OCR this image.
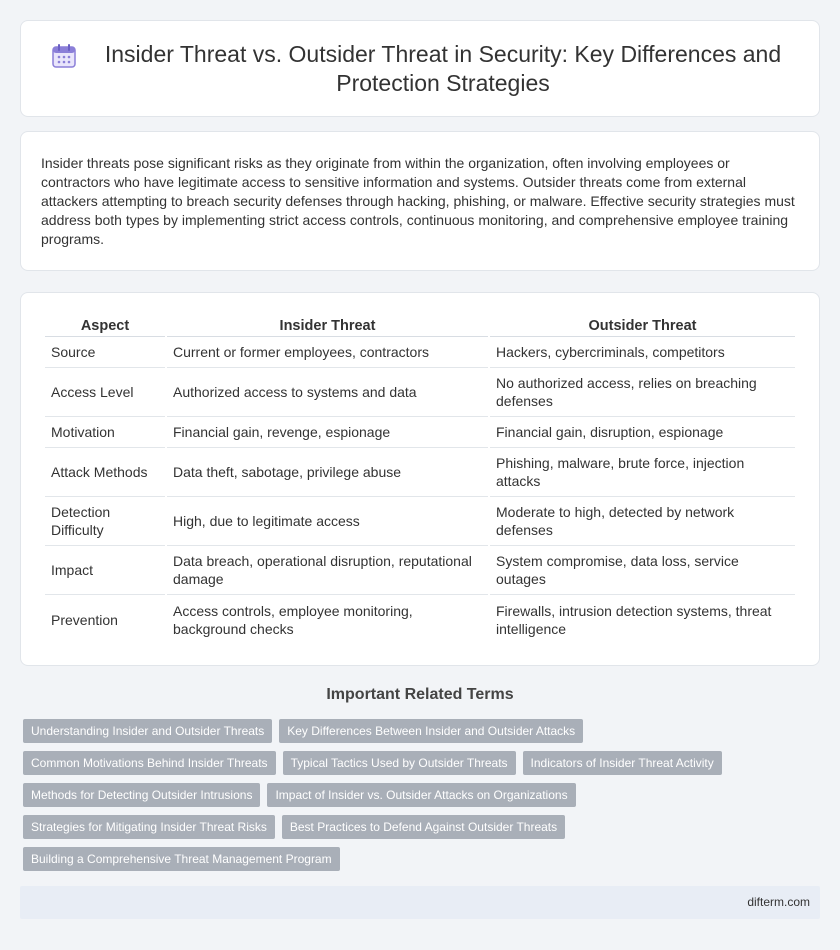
Insider Threat vs. Outsider Threat in Security: Key Differences and Protection Strategies

Insider threats pose significant risks as they originate from within the organization, often involving employees or contractors who have legitimate access to sensitive information and systems. Outsider threats come from external attackers attempting to breach security defenses through hacking, phishing, or malware. Effective security strategies must address both types by implementing strict access controls, continuous monitoring, and comprehensive employee training programs.

Aspect	Insider Threat	Outsider Threat
Source	Current or former employees, contractors	Hackers, cybercriminals, competitors
Access Level	Authorized access to systems and data	No authorized access, relies on breaching defenses
Motivation	Financial gain, revenge, espionage	Financial gain, disruption, espionage
Attack Methods	Data theft, sabotage, privilege abuse	Phishing, malware, brute force, injection attacks
Detection Difficulty	High, due to legitimate access	Moderate to high, detected by network defenses
Impact	Data breach, operational disruption, reputational damage	System compromise, data loss, service outages
Prevention	Access controls, employee monitoring, background checks	Firewalls, intrusion detection systems, threat intelligence
Important Related Terms
Understanding Insider and Outsider Threats	Key Differences Between Insider and Outsider Attacks
Common Motivations Behind Insider Threats	Typical Tactics Used by Outsider Threats	Indicators of Insider Threat Activity
Methods for Detecting Outsider Intrusions	Impact of Insider vs. Outsider Attacks on Organizations
Strategies for Mitigating Insider Threat Risks	Best Practices to Defend Against Outsider Threats
Building a Comprehensive Threat Management Program
difterm.com
